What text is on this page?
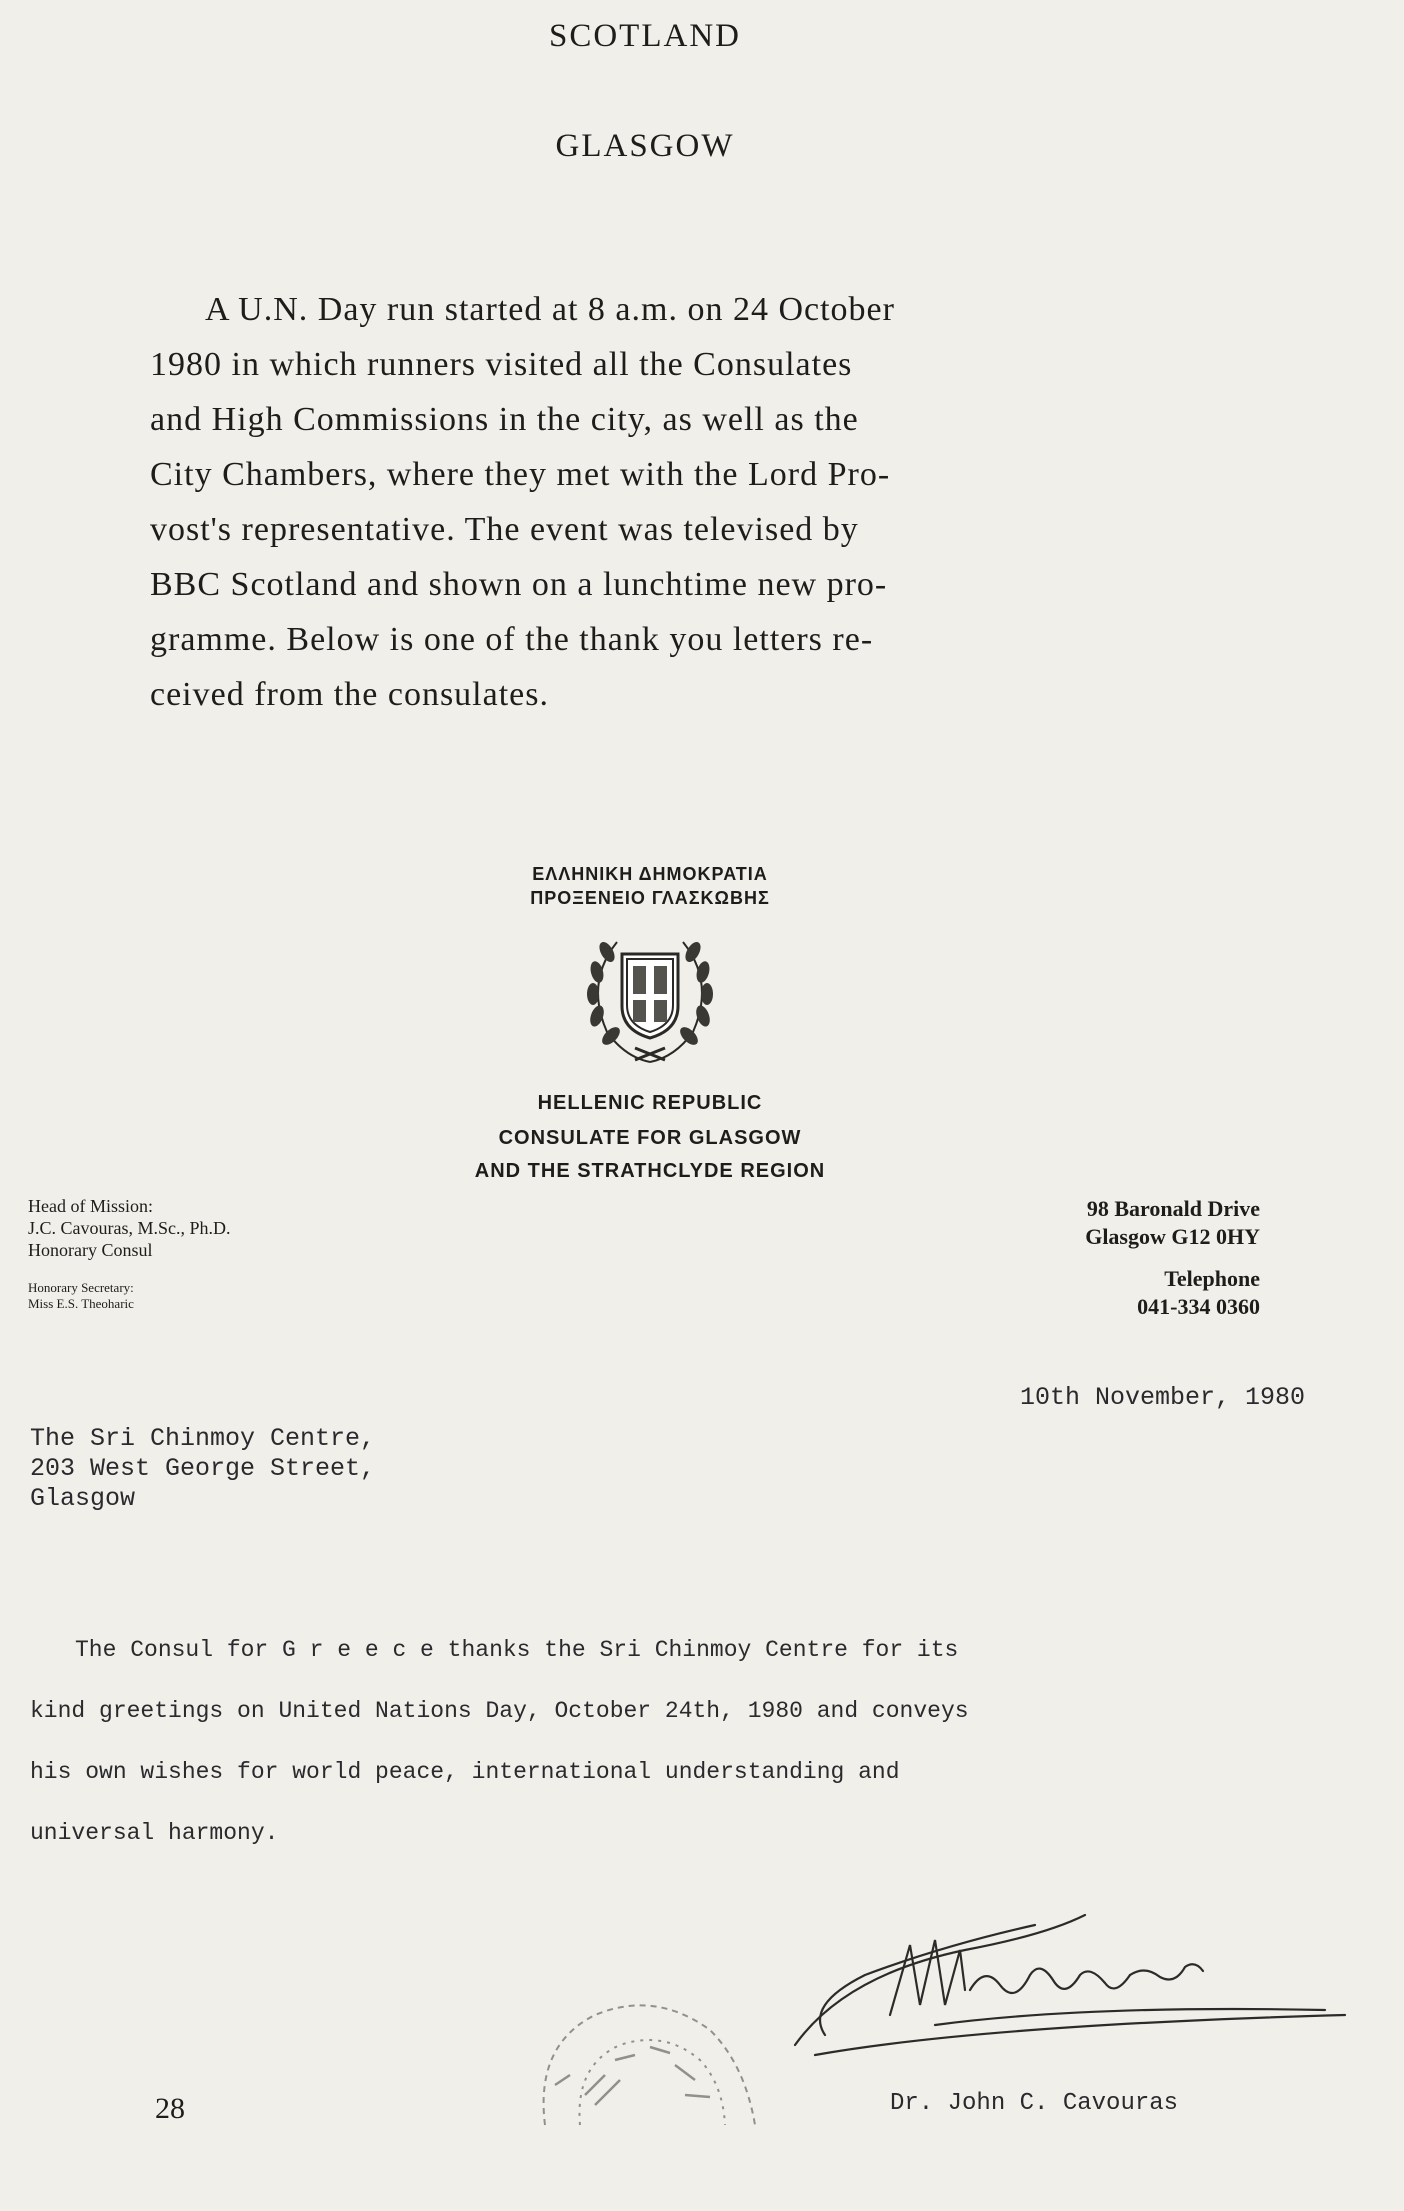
SCOTLAND
GLASGOW
A U.N. Day run started at 8 a.m. on 24 October
1980 in which runners visited all the Consulates
and High Commissions in the city, as well as the
City Chambers, where they met with the Lord Pro-
vost's representative. The event was televised by
BBC Scotland and shown on a lunchtime new pro-
gramme. Below is one of the thank you letters re-
ceived from the consulates.
ΕΛΛΗΝΙΚΗ ΔΗΜΟΚΡΑΤΙΑ
ΠΡΟΞΕΝΕΙΟ ΓΛΑΣΚΩΒΗΣ
HELLENIC REPUBLIC
CONSULATE FOR GLASGOW
AND THE STRATHCLYDE REGION
Head of Mission:
J.C. Cavouras, M.Sc., Ph.D.
Honorary Consul
Honorary Secretary:
Miss E.S. Theoharic
98 Baronald Drive
Glasgow G12 0HY
Telephone
041-334 0360
10th November, 1980
The Sri Chinmoy Centre,
203 West George Street,
Glasgow
The Consul for G r e e c e thanks the Sri Chinmoy Centre for its
kind greetings on United Nations Day, October 24th, 1980 and conveys
his own wishes for world peace, international understanding and
universal harmony.
28	Dr. John C. Cavouras
